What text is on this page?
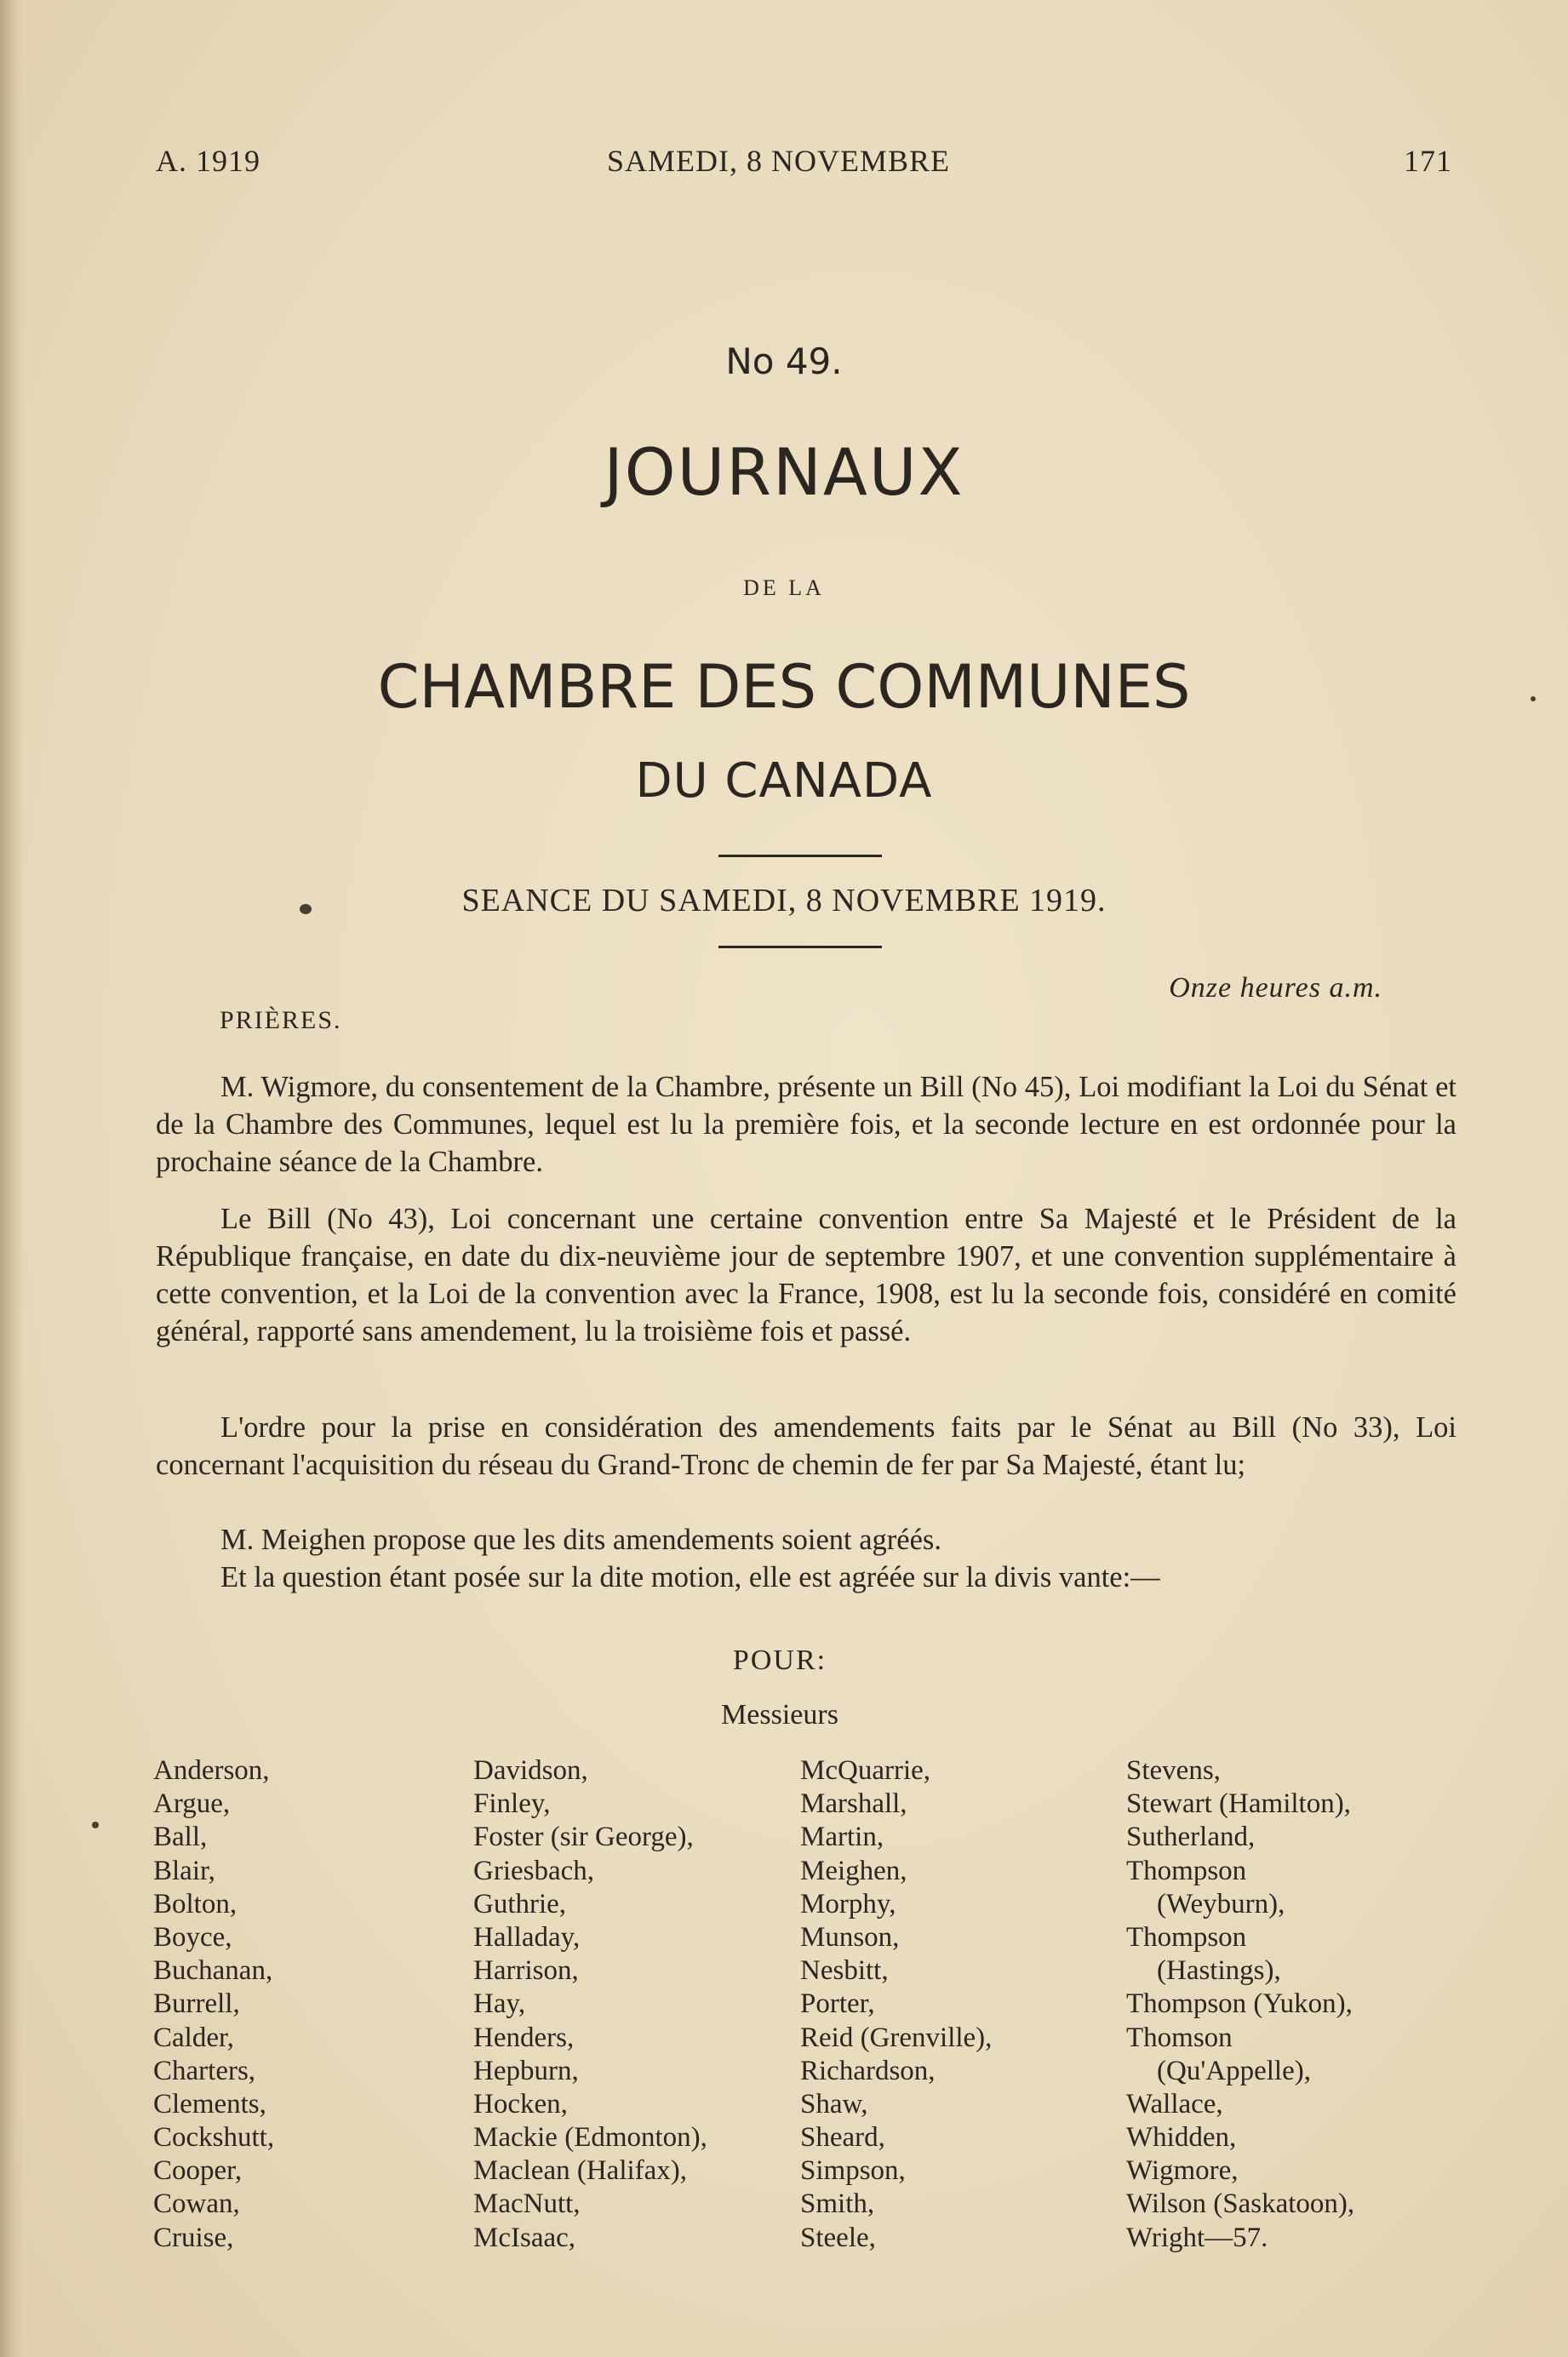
A. 1919	SAMEDI, 8 NOVEMBRE	171
No 49.
JOURNAUX
DE LA
CHAMBRE DES COMMUNES
DU CANADA
SEANCE DU SAMEDI, 8 NOVEMBRE 1919.
Onze heures a.m.
PRIÈRES.

M. Wigmore, du consentement de la Chambre, présente un Bill (No 45), Loi modifiant la Loi du Sénat et de la Chambre des Communes, lequel est lu la première fois, et la seconde lecture en est ordonnée pour la prochaine séance de la Chambre.

Le Bill (No 43), Loi concernant une certaine convention entre Sa Majesté et le Président de la République française, en date du dix-neuvième jour de septembre 1907, et une convention supplémentaire à cette convention, et la Loi de la convention avec la France, 1908, est lu la seconde fois, considéré en comité général, rapporté sans amendement, lu la troisième fois et passé.

L'ordre pour la prise en considération des amendements faits par le Sénat au Bill (No 33), Loi concernant l'acquisition du réseau du Grand-Tronc de chemin de fer par Sa Majesté, étant lu;

M. Meighen propose que les dits amendements soient agréés.

Et la question étant posée sur la dite motion, elle est agréée sur la divis vante:—

POUR:
Messieurs
Anderson,
Argue,
Ball,
Blair,
Bolton,
Boyce,
Buchanan,
Burrell,
Calder,
Charters,
Clements,
Cockshutt,
Cooper,
Cowan,
Cruise,
Davidson,
Finley,
Foster (sir George),
Griesbach,
Guthrie,
Halladay,
Harrison,
Hay,
Henders,
Hepburn,
Hocken,
Mackie (Edmonton),
Maclean (Halifax),
MacNutt,
McIsaac,
McQuarrie,
Marshall,
Martin,
Meighen,
Morphy,
Munson,
Nesbitt,
Porter,
Reid (Grenville),
Richardson,
Shaw,
Sheard,
Simpson,
Smith,
Steele,
Stevens,
Stewart (Hamilton),
Sutherland,
Thompson
(Weyburn),
Thompson
(Hastings),
Thompson (Yukon),
Thomson
(Qu'Appelle),
Wallace,
Whidden,
Wigmore,
Wilson (Saskatoon),
Wright—57.
